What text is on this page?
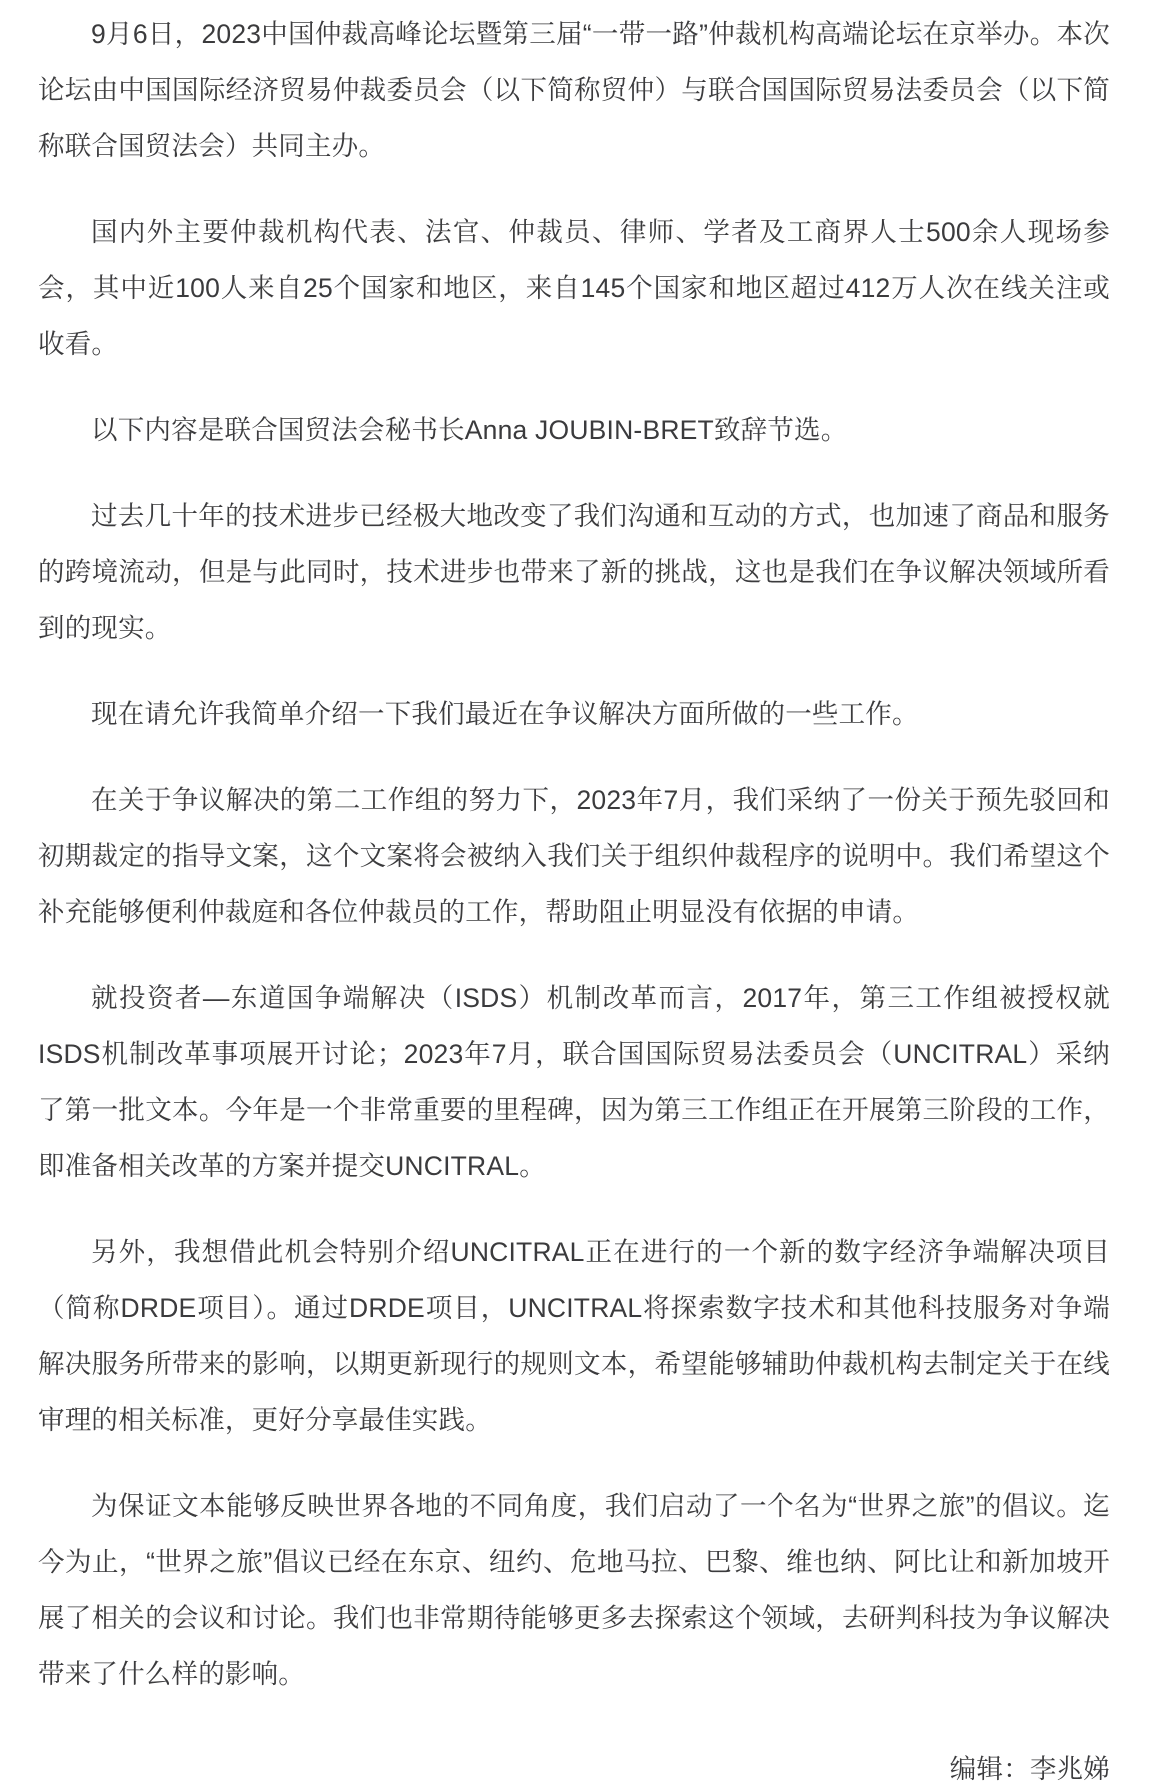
9月6日，2023中国仲裁高峰论坛暨第三届“一带一路”仲裁机构高端论坛在京举办。本次论坛由中国国际经济贸易仲裁委员会（以下简称贸仲）与联合国国际贸易法委员会（以下简称联合国贸法会）共同主办。

国内外主要仲裁机构代表、法官、仲裁员、律师、学者及工商界人士500余人现场参会，其中近100人来自25个国家和地区，来自145个国家和地区超过412万人次在线关注或收看。

以下内容是联合国贸法会秘书长Anna JOUBIN-BRET致辞节选。

过去几十年的技术进步已经极大地改变了我们沟通和互动的方式，也加速了商品和服务的跨境流动，但是与此同时，技术进步也带来了新的挑战，这也是我们在争议解决领域所看到的现实。

现在请允许我简单介绍一下我们最近在争议解决方面所做的一些工作。

在关于争议解决的第二工作组的努力下，2023年7月，我们采纳了一份关于预先驳回和初期裁定的指导文案，这个文案将会被纳入我们关于组织仲裁程序的说明中。我们希望这个补充能够便利仲裁庭和各位仲裁员的工作，帮助阻止明显没有依据的申请。

就投资者—东道国争端解决（ISDS）机制改革而言，2017年，第三工作组被授权就ISDS机制改革事项展开讨论；2023年7月，联合国国际贸易法委员会（UNCITRAL）采纳了第一批文本。今年是一个非常重要的里程碑，因为第三工作组正在开展第三阶段的工作，即准备相关改革的方案并提交UNCITRAL。

另外，我想借此机会特别介绍UNCITRAL正在进行的一个新的数字经济争端解决项目（简称DRDE项目）。通过DRDE项目，UNCITRAL将探索数字技术和其他科技服务对争端解决服务所带来的影响，以期更新现行的规则文本，希望能够辅助仲裁机构去制定关于在线审理的相关标准，更好分享最佳实践。

为保证文本能够反映世界各地的不同角度，我们启动了一个名为“世界之旅”的倡议。迄今为止，“世界之旅”倡议已经在东京、纽约、危地马拉、巴黎、维也纳、阿比让和新加坡开展了相关的会议和讨论。我们也非常期待能够更多去探索这个领域，去研判科技为争议解决带来了什么样的影响。

编辑：李兆娣
